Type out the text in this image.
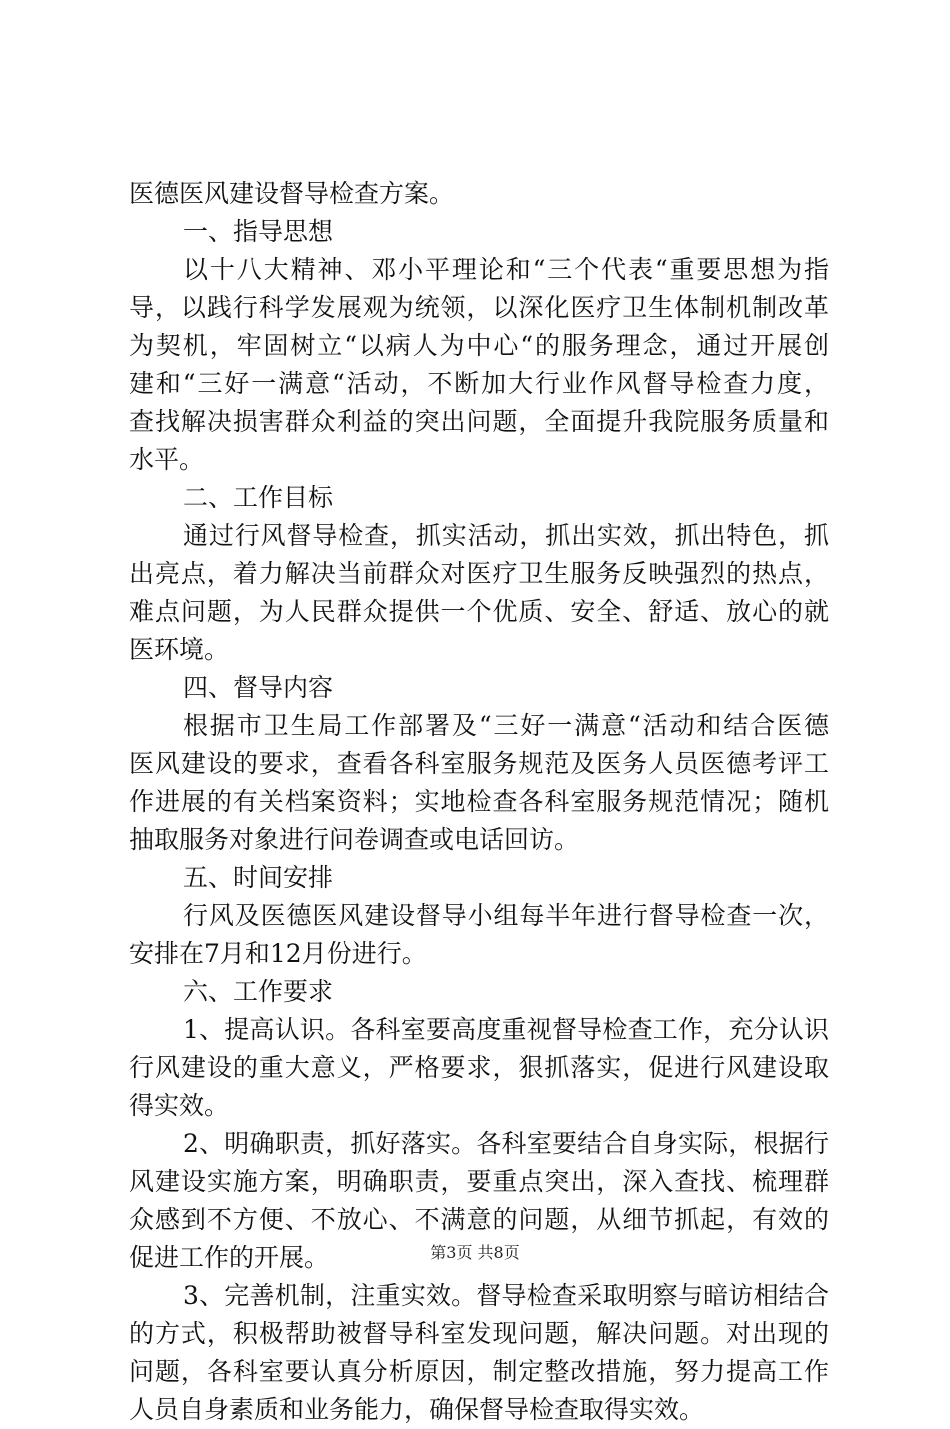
医德医风建设督导检查方案。
一、指导思想
以十八大精神、邓小平理论和“三个代表“重要思想为指
导，以践行科学发展观为统领，以深化医疗卫生体制机制改革
为契机，牢固树立“以病人为中心“的服务理念，通过开展创
建和“三好一满意“活动，不断加大行业作风督导检查力度，
查找解决损害群众利益的突出问题，全面提升我院服务质量和
水平。
二、工作目标
通过行风督导检查，抓实活动，抓出实效，抓出特色，抓
出亮点，着力解决当前群众对医疗卫生服务反映强烈的热点，
难点问题，为人民群众提供一个优质、安全、舒适、放心的就
医环境。
四、督导内容
根据市卫生局工作部署及“三好一满意“活动和结合医德
医风建设的要求，查看各科室服务规范及医务人员医德考评工
作进展的有关档案资料；实地检查各科室服务规范情况；随机
抽取服务对象进行问卷调查或电话回访。
五、时间安排
行风及医德医风建设督导小组每半年进行督导检查一次，
安排在7月和12月份进行。
六、工作要求
1、提高认识。各科室要高度重视督导检查工作，充分认识
行风建设的重大意义，严格要求，狠抓落实，促进行风建设取
得实效。
2、明确职责，抓好落实。各科室要结合自身实际，根据行
风建设实施方案，明确职责，要重点突出，深入查找、梳理群
众感到不方便、不放心、不满意的问题，从细节抓起，有效的
促进工作的开展。
3、完善机制，注重实效。督导检查采取明察与暗访相结合
的方式，积极帮助被督导科室发现问题，解决问题。对出现的
问题，各科室要认真分析原因，制定整改措施，努力提高工作
人员自身素质和业务能力，确保督导检查取得实效。
第3页 共8页
